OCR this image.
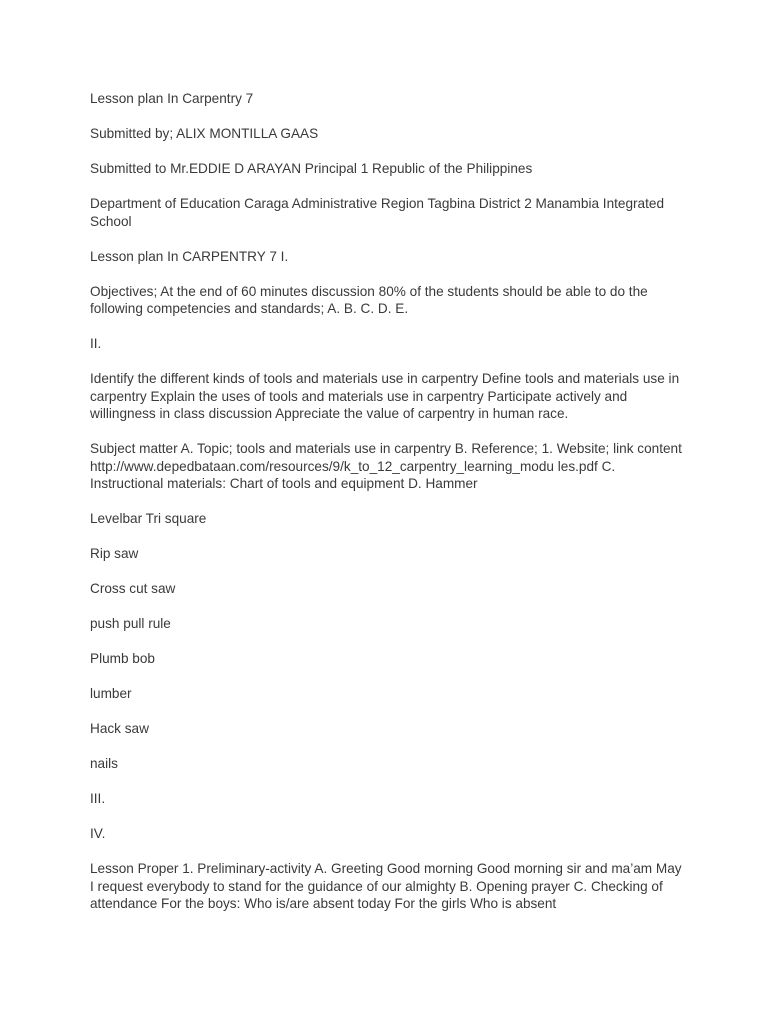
Lesson plan In Carpentry 7

Submitted by; ALIX MONTILLA GAAS

Submitted to Mr.EDDIE D ARAYAN Principal 1 Republic of the Philippines

Department of Education Caraga Administrative Region Tagbina District 2 Manambia Integrated School

Lesson plan In CARPENTRY 7 I.

Objectives; At the end of 60 minutes discussion 80% of the students should be able to do the following competencies and standards; A. B. C. D. E.

II.

Identify the different kinds of tools and materials use in carpentry Define tools and materials use in carpentry Explain the uses of tools and materials use in carpentry Participate actively and willingness in class discussion Appreciate the value of carpentry in human race.

Subject matter A. Topic; tools and materials use in carpentry B. Reference; 1. Website; link content http://www.depedbataan.com/resources/9/k_to_12_carpentry_learning_modu les.pdf C. Instructional materials: Chart of tools and equipment D. Hammer

Levelbar Tri square

Rip saw

Cross cut saw

push pull rule

Plumb bob

lumber

Hack saw

nails

III.

IV.

Lesson Proper 1. Preliminary-activity A. Greeting Good morning Good morning sir and ma’am May I request everybody to stand for the guidance of our almighty B. Opening prayer C. Checking of attendance For the boys: Who is/are absent today For the girls Who is absent
